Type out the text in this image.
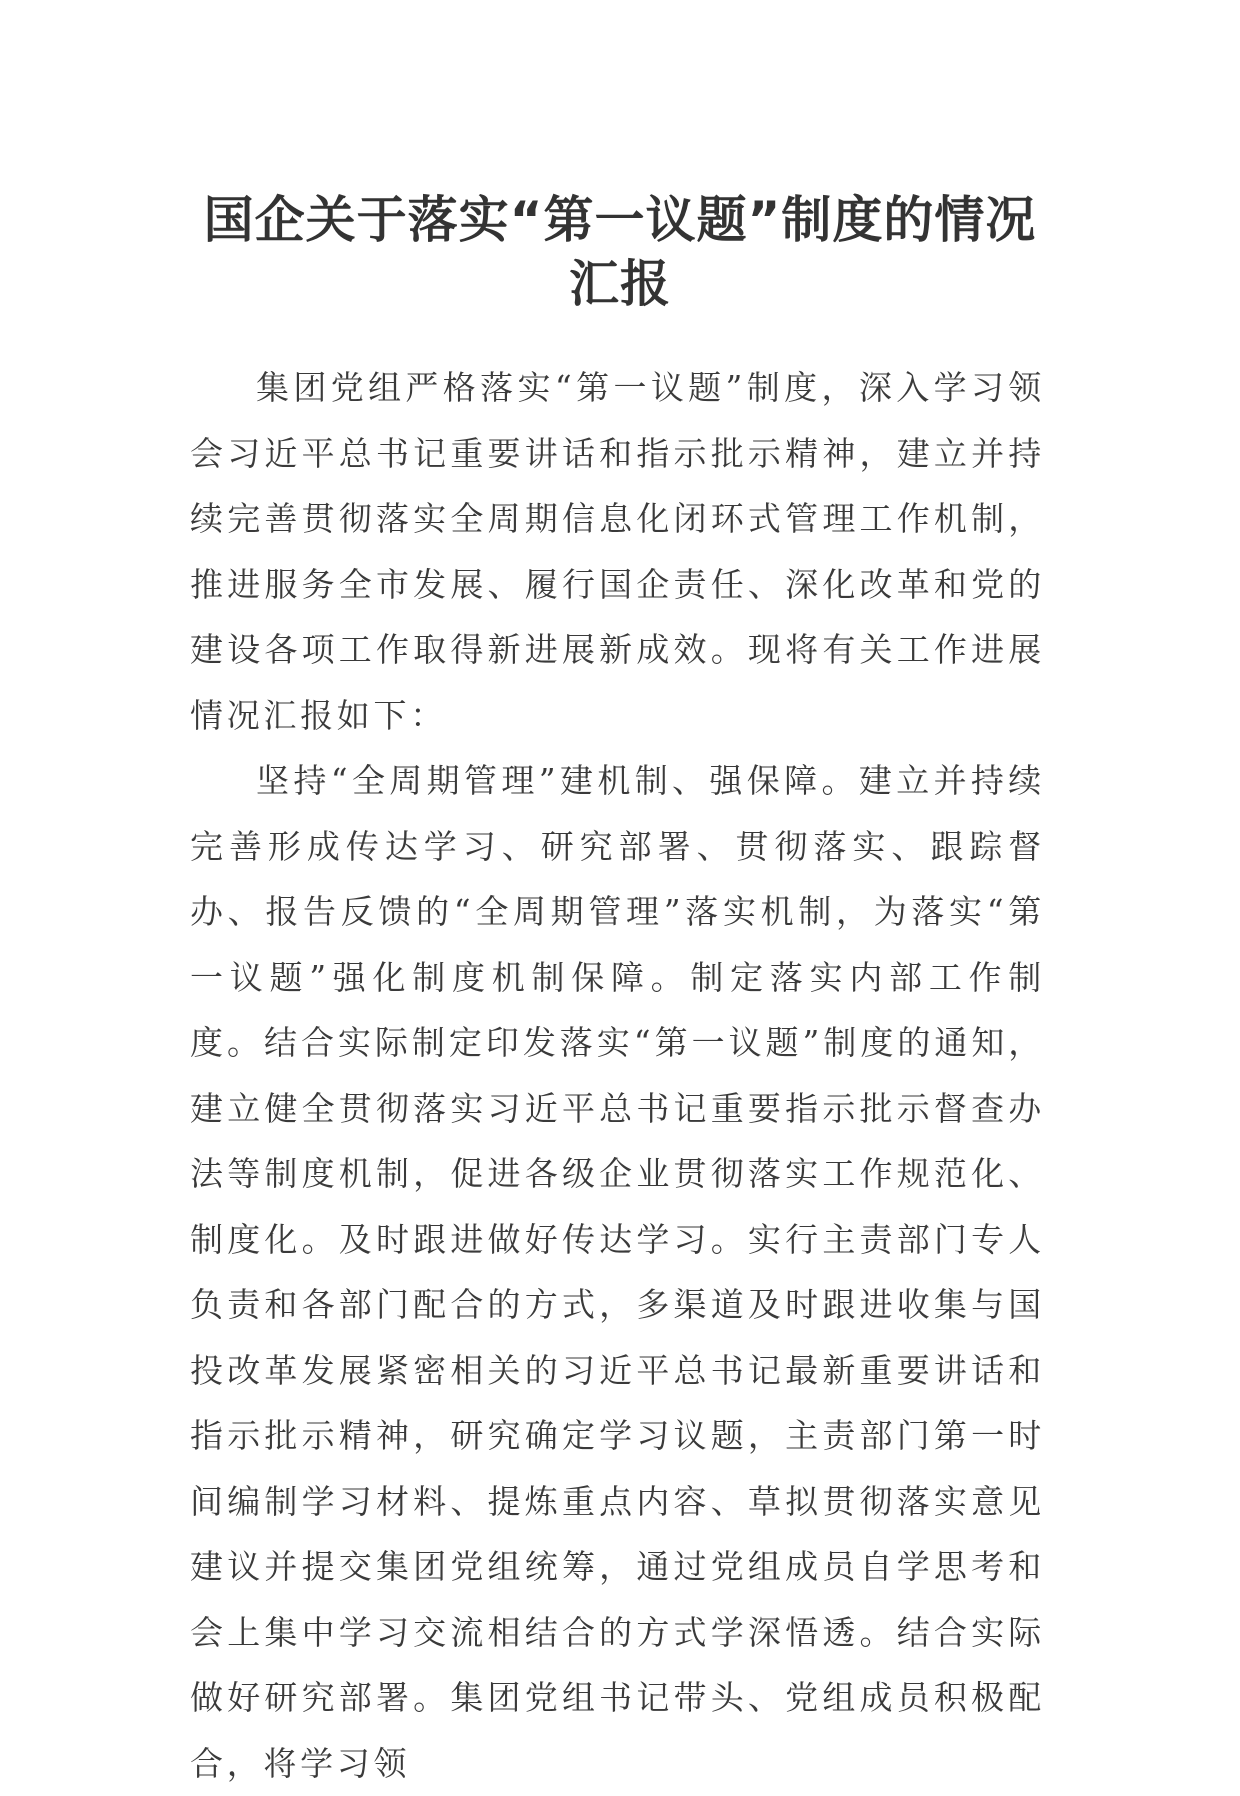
国企关于落实“第一议题”制度的情况汇报

集团党组严格落实“第一议题”制度，深入学习领会习近平总书记重要讲话和指示批示精神，建立并持续完善贯彻落实全周期信息化闭环式管理工作机制，推进服务全市发展、履行国企责任、深化改革和党的建设各项工作取得新进展新成效。现将有关工作进展情况汇报如下：

坚持“全周期管理”建机制、强保障。建立并持续完善形成传达学习、研究部署、贯彻落实、跟踪督办、报告反馈的“全周期管理”落实机制，为落实“第一议题”强化制度机制保障。制定落实内部工作制度。结合实际制定印发落实“第一议题”制度的通知，建立健全贯彻落实习近平总书记重要指示批示督查办法等制度机制，促进各级企业贯彻落实工作规范化、制度化。及时跟进做好传达学习。实行主责部门专人负责和各部门配合的方式，多渠道及时跟进收集与国投改革发展紧密相关的习近平总书记最新重要讲话和指示批示精神，研究确定学习议题，主责部门第一时间编制学习材料、提炼重点内容、草拟贯彻落实意见建议并提交集团党组统筹，通过党组成员自学思考和会上集中学习交流相结合的方式学深悟透。结合实际做好研究部署。集团党组书记带头、党组成员积极配合，将学习领
